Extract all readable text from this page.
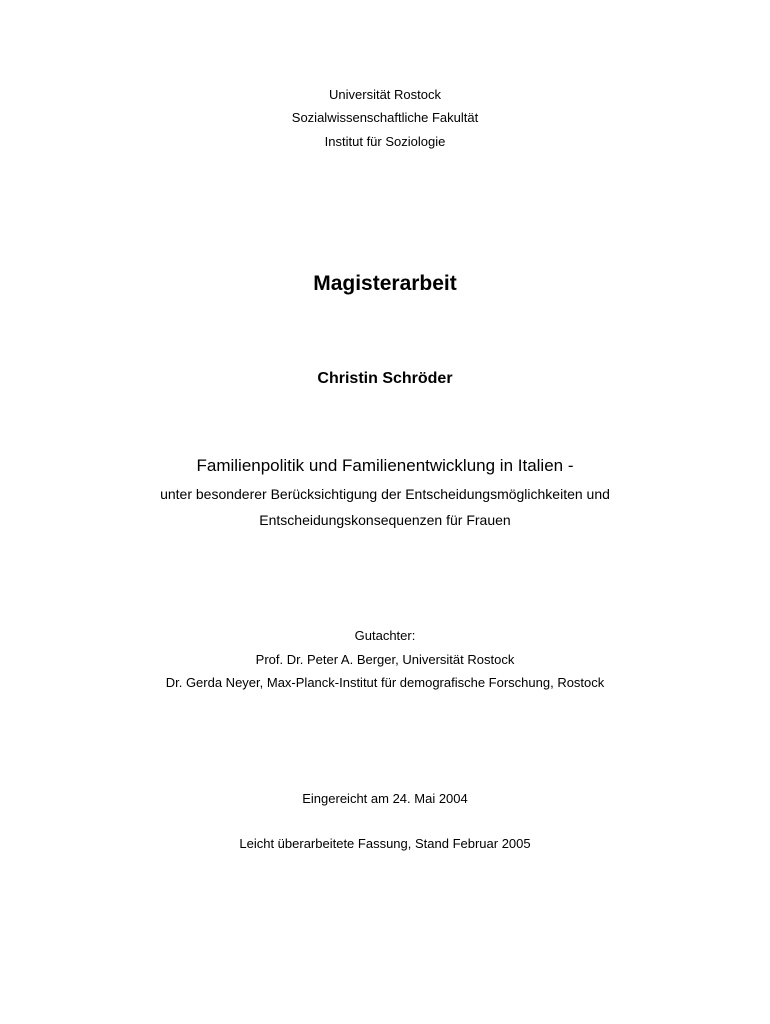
Universität Rostock

Sozialwissenschaftliche Fakultät

Institut für Soziologie

Magisterarbeit

Christin Schröder

Familienpolitik und Familienentwicklung in Italien -

unter besonderer Berücksichtigung der Entscheidungsmöglichkeiten und

Entscheidungskonsequenzen für Frauen

Gutachter:

Prof. Dr. Peter A. Berger, Universität Rostock

Dr. Gerda Neyer, Max-Planck-Institut für demografische Forschung, Rostock

Eingereicht am 24. Mai 2004

Leicht überarbeitete Fassung, Stand Februar 2005
